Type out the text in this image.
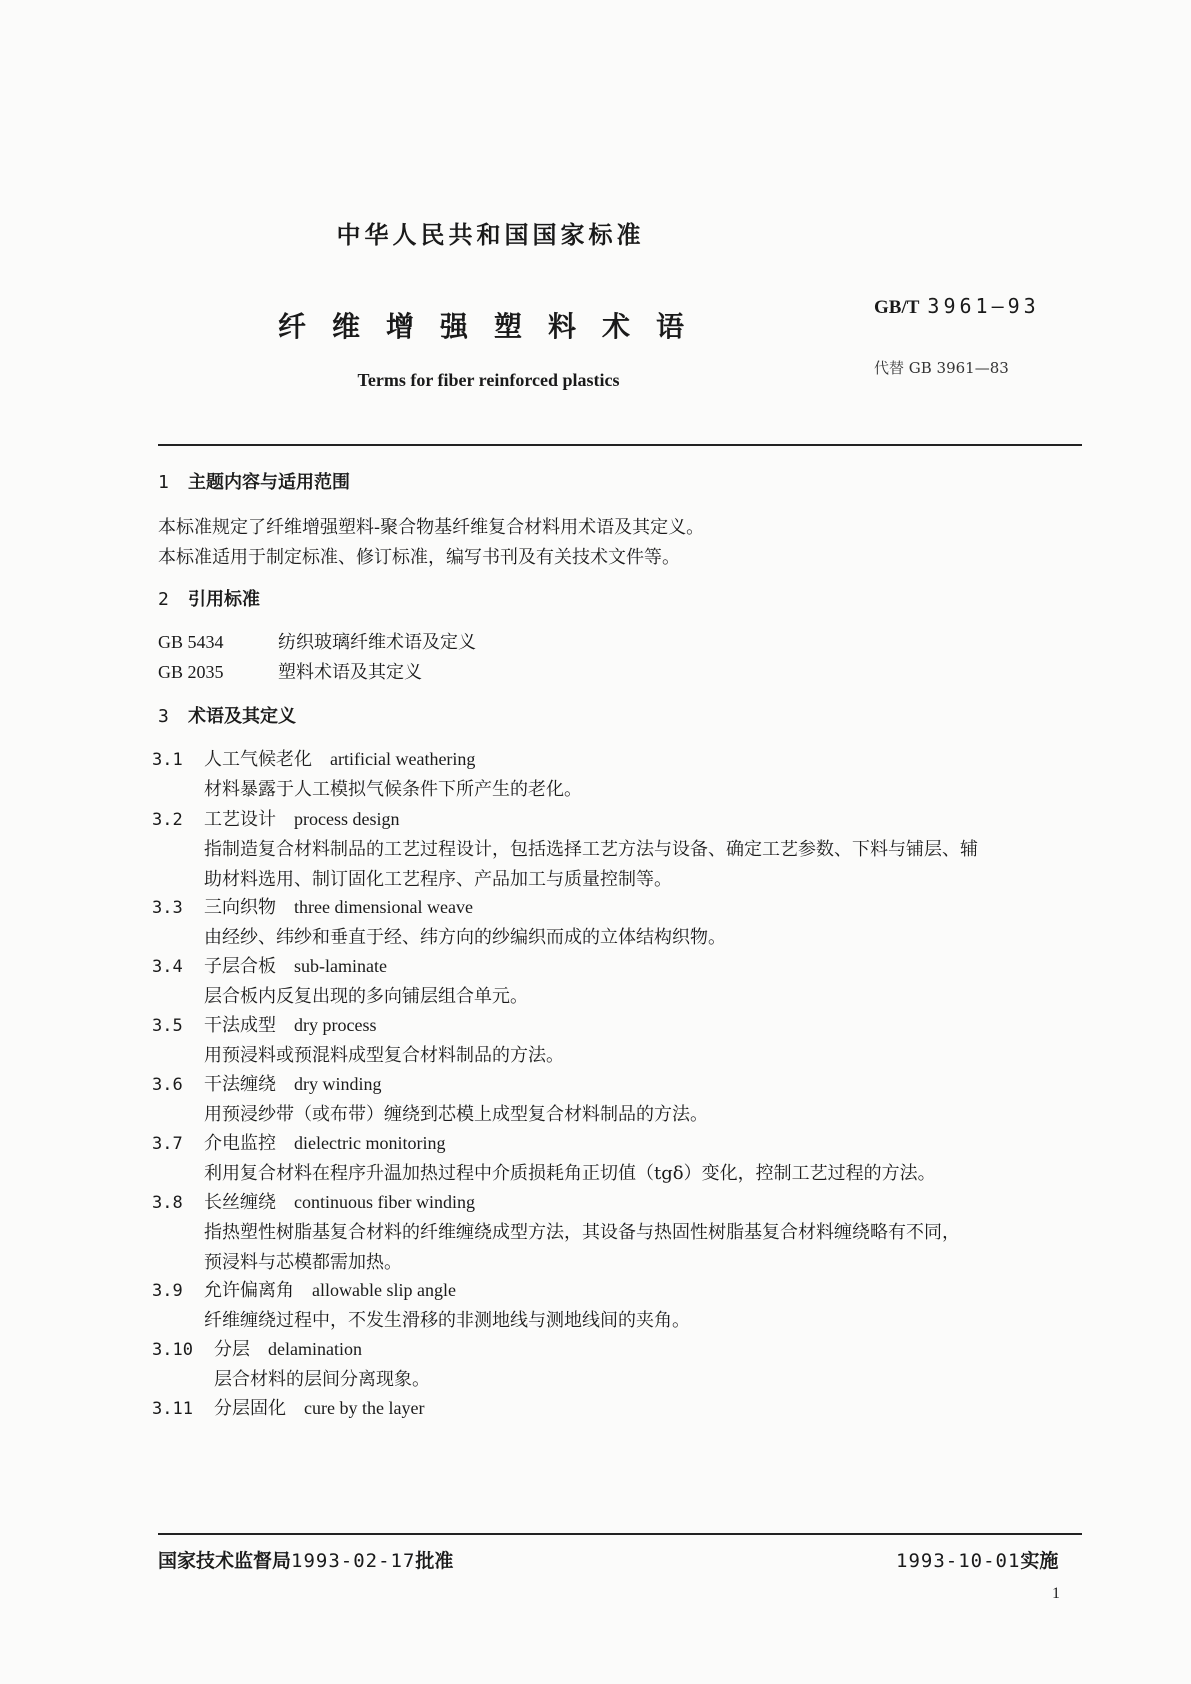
中华人民共和国国家标准
纤维增强塑料术语
Terms for fiber reinforced plastics
GB/T 3961—93
代替 GB 3961—83
1 主题内容与适用范围
本标准规定了纤维增强塑料-聚合物基纤维复合材料用术语及其定义。
本标准适用于制定标准、修订标准，编写书刊及有关技术文件等。
2 引用标准
GB 5434	纺织玻璃纤维术语及定义
GB 2035	塑料术语及其定义
3 术语及其定义
3.1 人工气候老化 artificial weathering
材料暴露于人工模拟气候条件下所产生的老化。
3.2 工艺设计 process design
指制造复合材料制品的工艺过程设计，包括选择工艺方法与设备、确定工艺参数、下料与铺层、辅
助材料选用、制订固化工艺程序、产品加工与质量控制等。
3.3 三向织物 three dimensional weave
由经纱、纬纱和垂直于经、纬方向的纱编织而成的立体结构织物。
3.4 子层合板 sub-laminate
层合板内反复出现的多向铺层组合单元。
3.5 干法成型 dry process
用预浸料或预混料成型复合材料制品的方法。
3.6 干法缠绕 dry winding
用预浸纱带（或布带）缠绕到芯模上成型复合材料制品的方法。
3.7 介电监控 dielectric monitoring
利用复合材料在程序升温加热过程中介质损耗角正切值（tgδ）变化，控制工艺过程的方法。
3.8 长丝缠绕 continuous fiber winding
指热塑性树脂基复合材料的纤维缠绕成型方法，其设备与热固性树脂基复合材料缠绕略有不同，
预浸料与芯模都需加热。
3.9 允许偏离角 allowable slip angle
纤维缠绕过程中，不发生滑移的非测地线与测地线间的夹角。
3.10 分层 delamination
层合材料的层间分离现象。
3.11 分层固化 cure by the layer
国家技术监督局1993-02-17批准	1993-10-01实施
1
